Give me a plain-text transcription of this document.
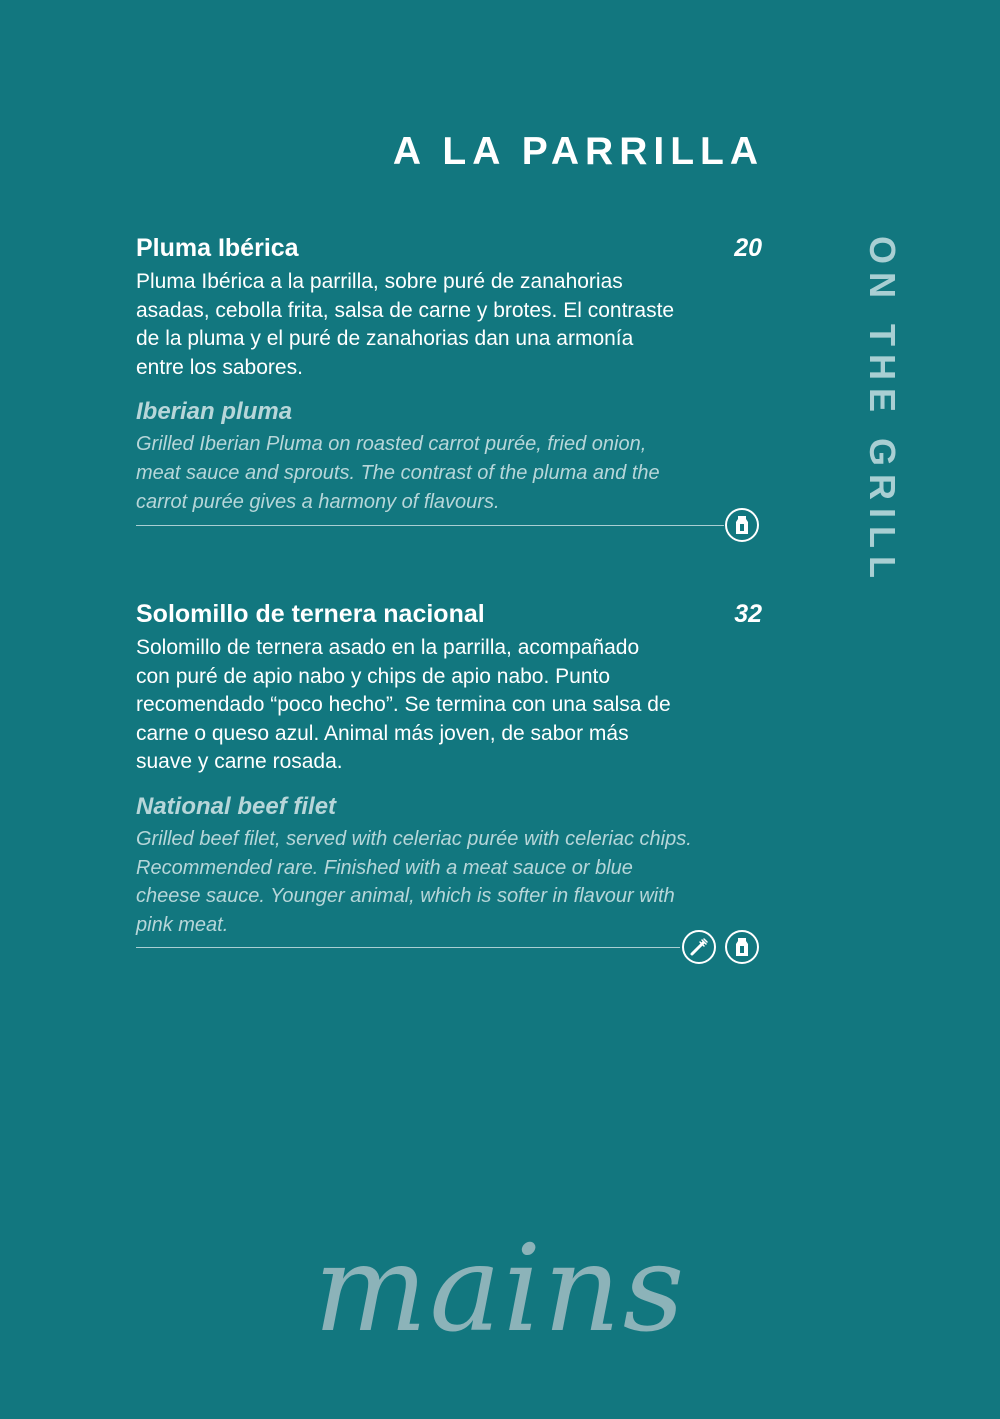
A LA PARRILLA
ON THE GRILL
Pluma Ibérica	20

Pluma Ibérica a la parrilla, sobre puré de zanahorias asadas, cebolla frita, salsa de carne y brotes. El contraste de la pluma y el puré de zanahorias dan una armonía entre los sabores.

Iberian pluma

Grilled Iberian Pluma on roasted carrot purée, fried onion, meat sauce and sprouts. The contrast of the pluma and the carrot purée gives a harmony of flavours.

Solomillo de ternera nacional	32

Solomillo de ternera asado en la parrilla, acompañado con puré de apio nabo y chips de apio nabo. Punto recomendado “poco hecho”. Se termina con una salsa de carne o queso azul. Animal más joven, de sabor más suave y carne rosada.

National beef filet

Grilled beef filet, served with celeriac purée with celeriac chips. Recommended rare. Finished with a meat sauce or blue cheese sauce. Younger animal, which is softer in flavour with pink meat.

mains
